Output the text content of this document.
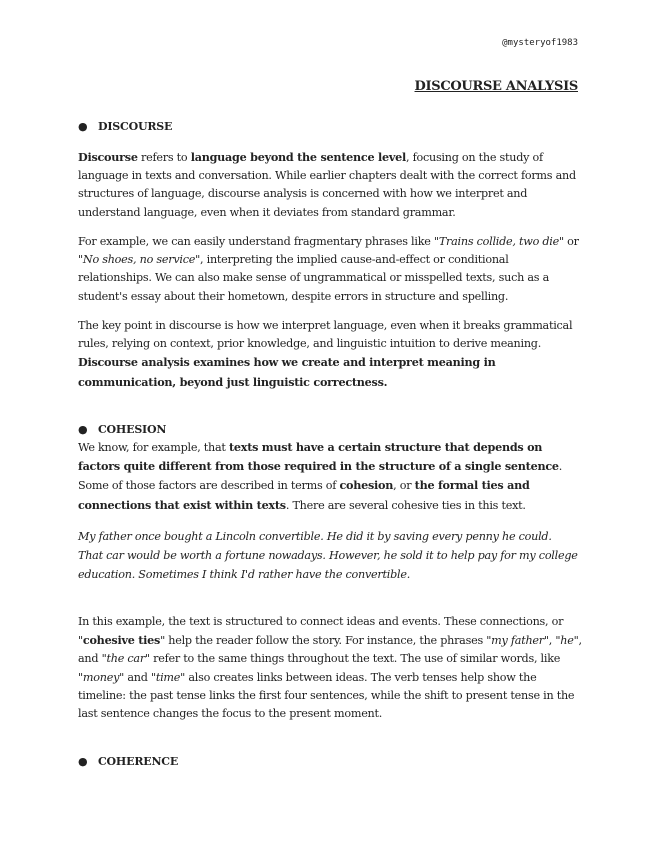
@mysteryof1983
DISCOURSE ANALYSIS
● DISCOURSE
Discourse refers to language beyond the sentence level, focusing on the study of language in texts and conversation. While earlier chapters dealt with the correct forms and structures of language, discourse analysis is concerned with how we interpret and understand language, even when it deviates from standard grammar.
For example, we can easily understand fragmentary phrases like "Trains collide, two die" or "No shoes, no service", interpreting the implied cause-and-effect or conditional relationships. We can also make sense of ungrammatical or misspelled texts, such as a student's essay about their hometown, despite errors in structure and spelling.
The key point in discourse is how we interpret language, even when it breaks grammatical rules, relying on context, prior knowledge, and linguistic intuition to derive meaning. Discourse analysis examines how we create and interpret meaning in communication, beyond just linguistic correctness.
● COHESION
We know, for example, that texts must have a certain structure that depends on factors quite different from those required in the structure of a single sentence. Some of those factors are described in terms of cohesion, or the formal ties and connections that exist within texts. There are several cohesive ties in this text.
My father once bought a Lincoln convertible. He did it by saving every penny he could.
That car would be worth a fortune nowadays. However, he sold it to help pay for my college
education. Sometimes I think I'd rather have the convertible.
In this example, the text is structured to connect ideas and events. These connections, or "cohesive ties" help the reader follow the story. For instance, the phrases "my father", "he", and "the car" refer to the same things throughout the text. The use of similar words, like "money" and "time" also creates links between ideas. The verb tenses help show the timeline: the past tense links the first four sentences, while the shift to present tense in the last sentence changes the focus to the present moment.
● COHERENCE
